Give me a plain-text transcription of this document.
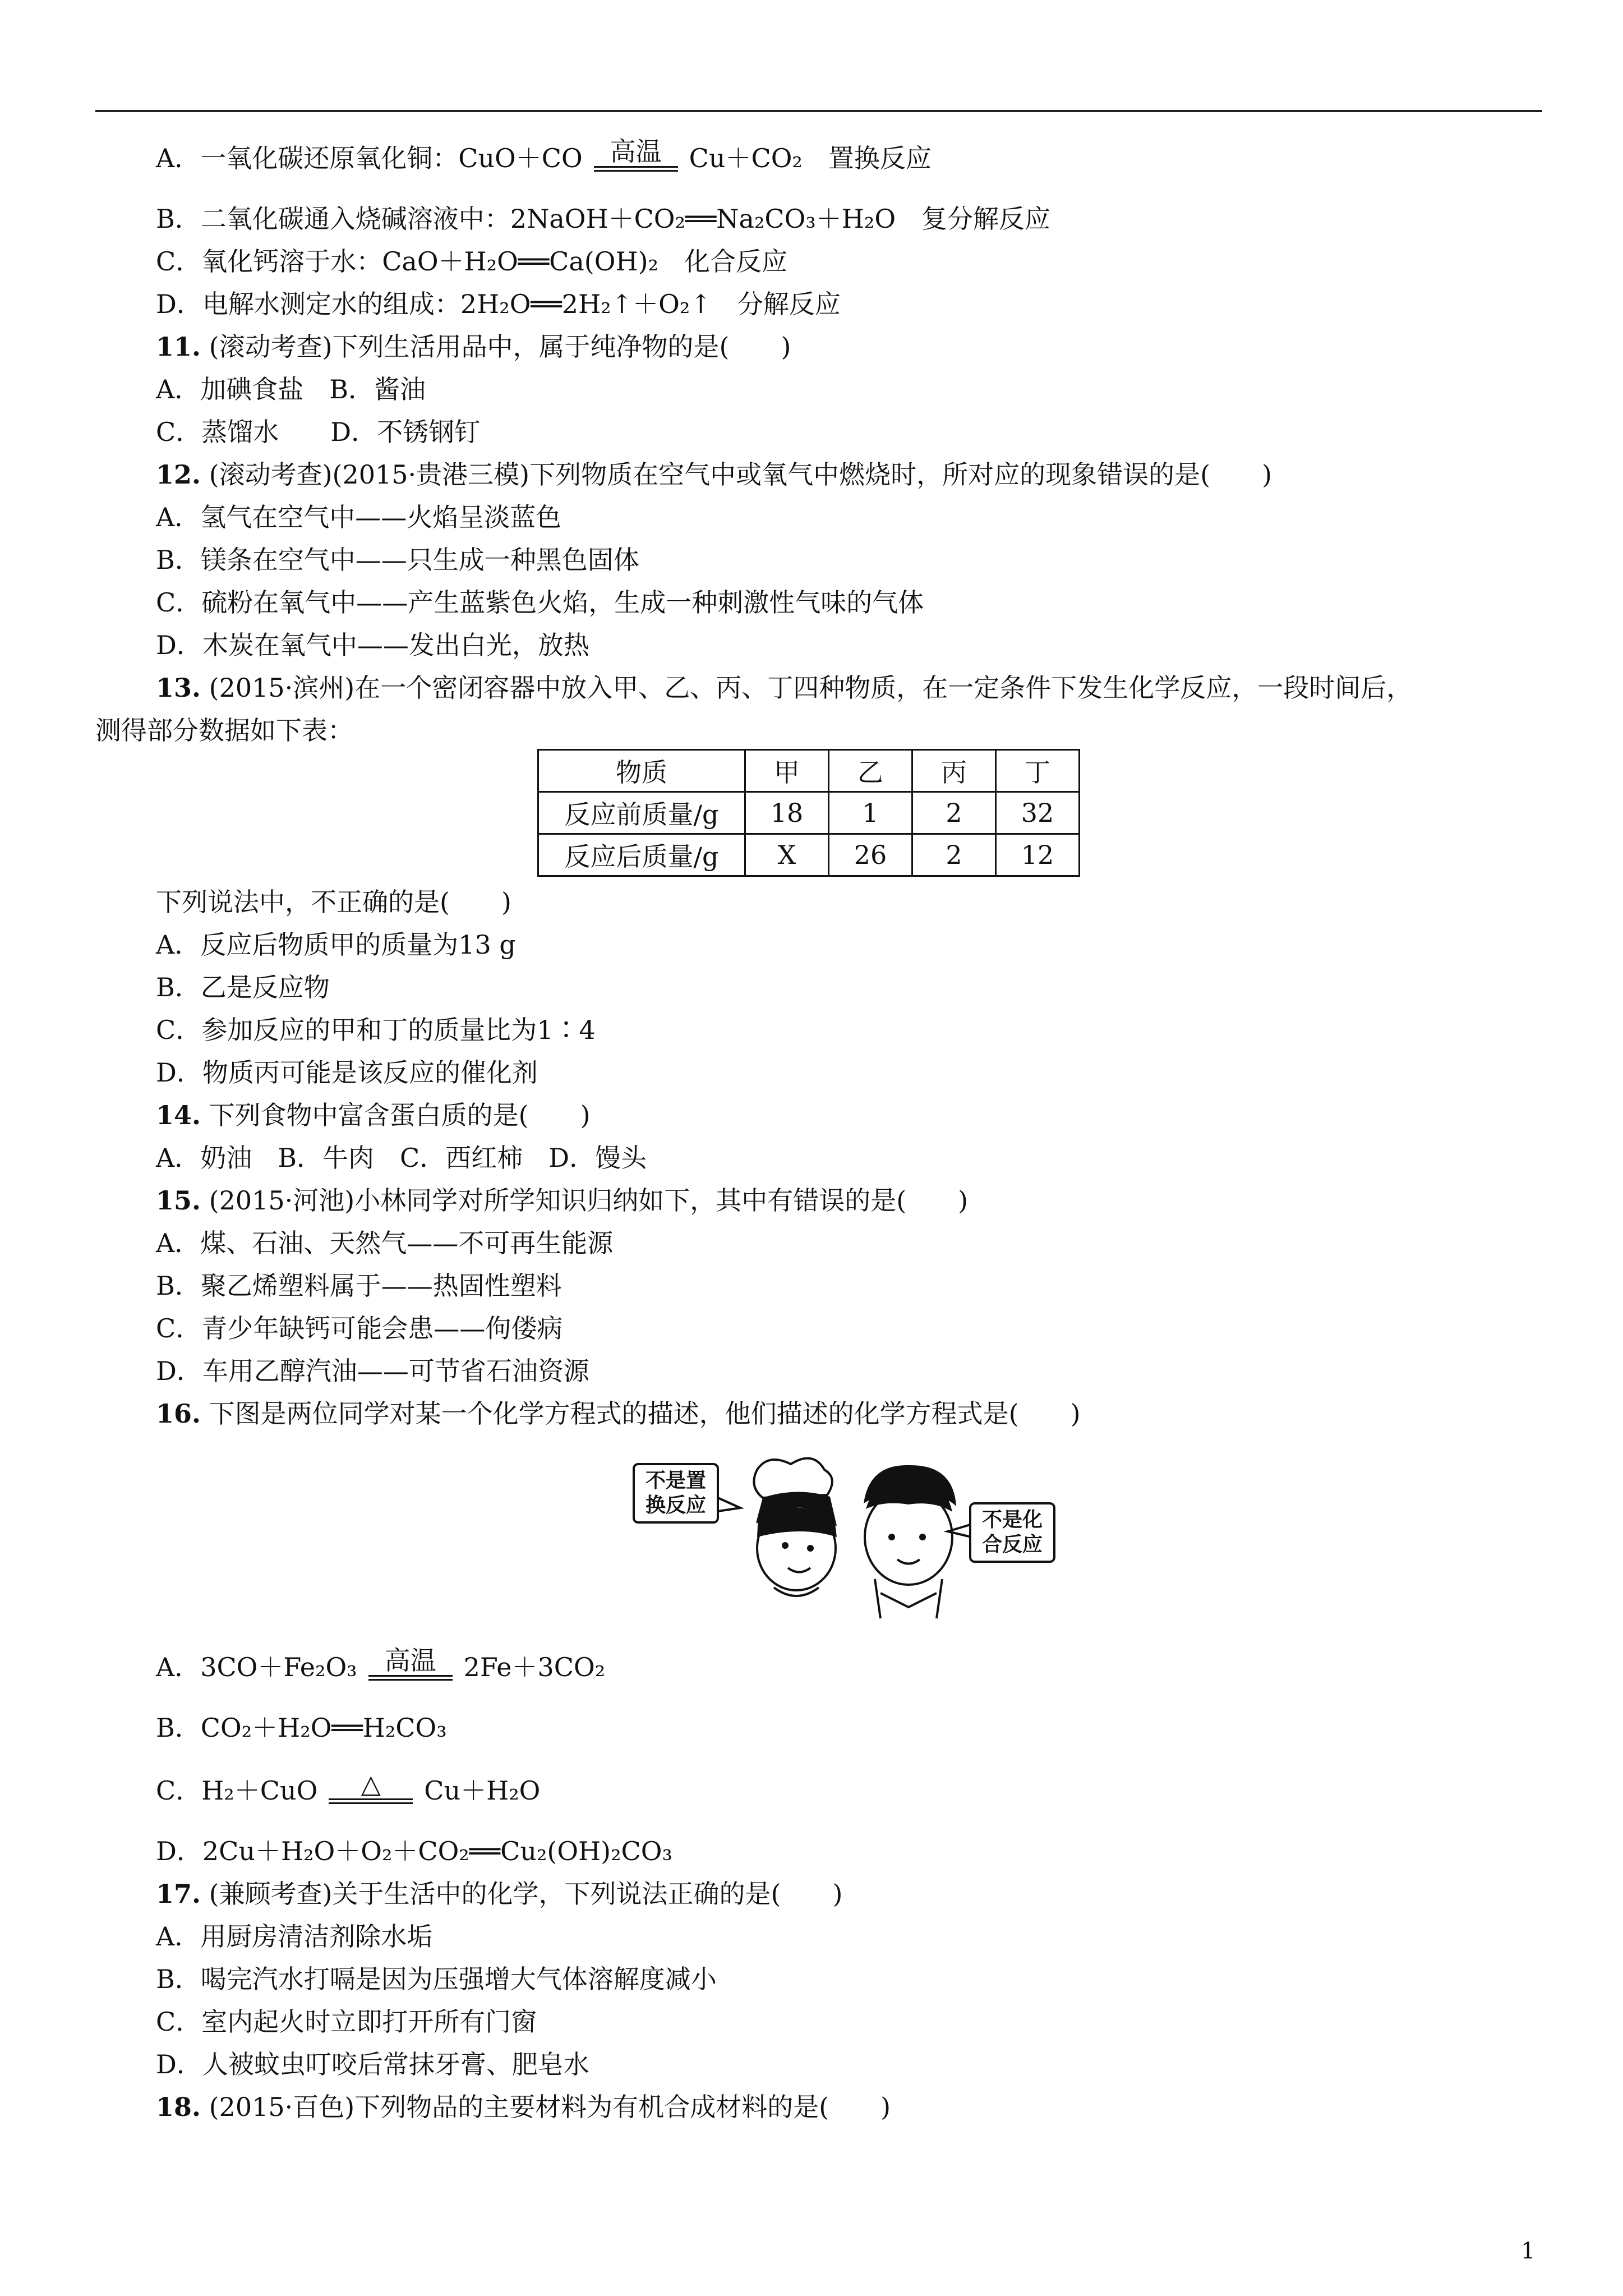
A．一氧化碳还原氧化铜：CuO＋CO	高温	Cu＋CO₂　置换反应
B．二氧化碳通入烧碱溶液中：2NaOH＋CO₂══Na₂CO₃＋H₂O　复分解反应
C．氧化钙溶于水：CaO＋H₂O══Ca(OH)₂　化合反应
D．电解水测定水的组成：2H₂O══2H₂↑＋O₂↑　分解反应
11. (滚动考查)下列生活用品中，属于纯净物的是(　　)
A．加碘食盐　B．酱油
C．蒸馏水　　D．不锈钢钉
12. (滚动考查)(2015·贵港三模)下列物质在空气中或氧气中燃烧时，所对应的现象错误的是(　　)
A．氢气在空气中——火焰呈淡蓝色
B．镁条在空气中——只生成一种黑色固体
C．硫粉在氧气中——产生蓝紫色火焰，生成一种刺激性气味的气体
D．木炭在氧气中——发出白光，放热
13. (2015·滨州)在一个密闭容器中放入甲、乙、丙、丁四种物质，在一定条件下发生化学反应，一段时间后，
测得部分数据如下表：
物质	甲	乙	丙	丁
反应前质量/g	18	1	2	32
反应后质量/g	X	26	2	12
下列说法中，不正确的是(　　)
A．反应后物质甲的质量为13 g
B．乙是反应物
C．参加反应的甲和丁的质量比为1∶4
D．物质丙可能是该反应的催化剂
14. 下列食物中富含蛋白质的是(　　)
A．奶油　B．牛肉　C．西红柿　D．馒头
15. (2015·河池)小林同学对所学知识归纳如下，其中有错误的是(　　)
A．煤、石油、天然气——不可再生能源
B．聚乙烯塑料属于——热固性塑料
C．青少年缺钙可能会患——佝偻病
D．车用乙醇汽油——可节省石油资源
16. 下图是两位同学对某一个化学方程式的描述，他们描述的化学方程式是(　　)
不是置
换反应
不是化
合反应
A．3CO＋Fe₂O₃	高温	2Fe＋3CO₂
B．CO₂＋H₂O══H₂CO₃
C．H₂＋CuO	△	Cu＋H₂O
D．2Cu＋H₂O＋O₂＋CO₂══Cu₂(OH)₂CO₃
17. (兼顾考查)关于生活中的化学，下列说法正确的是(　　)
A．用厨房清洁剂除水垢
B．喝完汽水打嗝是因为压强增大气体溶解度减小
C．室内起火时立即打开所有门窗
D．人被蚊虫叮咬后常抹牙膏、肥皂水
18. (2015·百色)下列物品的主要材料为有机合成材料的是(　　)
1
